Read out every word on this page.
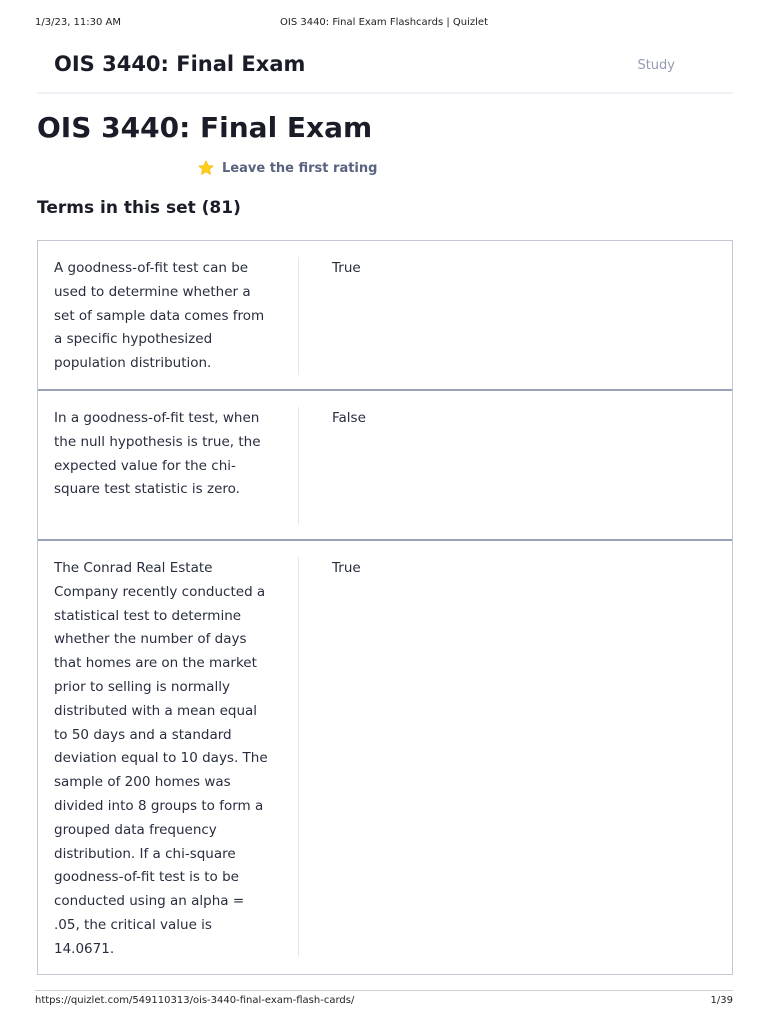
1/3/23, 11:30 AM	OIS 3440: Final Exam Flashcards | Quizlet
OIS 3440: Final Exam	Study
OIS 3440: Final Exam
Leave the first rating
Terms in this set (81)
A goodness-of-fit test can be used to determine whether a set of sample data comes from a specific hypothesized population distribution.
True
In a goodness-of-fit test, when the null hypothesis is true, the expected value for the chi-square test statistic is zero.
False
The Conrad Real Estate Company recently conducted a statistical test to determine whether the number of days that homes are on the market prior to selling is normally distributed with a mean equal to 50 days and a standard deviation equal to 10 days. The sample of 200 homes was divided into 8 groups to form a grouped data frequency distribution. If a chi-square goodness-of-fit test is to be conducted using an alpha = .05, the critical value is 14.0671.
True
https://quizlet.com/549110313/ois-3440-final-exam-flash-cards/	1/39
